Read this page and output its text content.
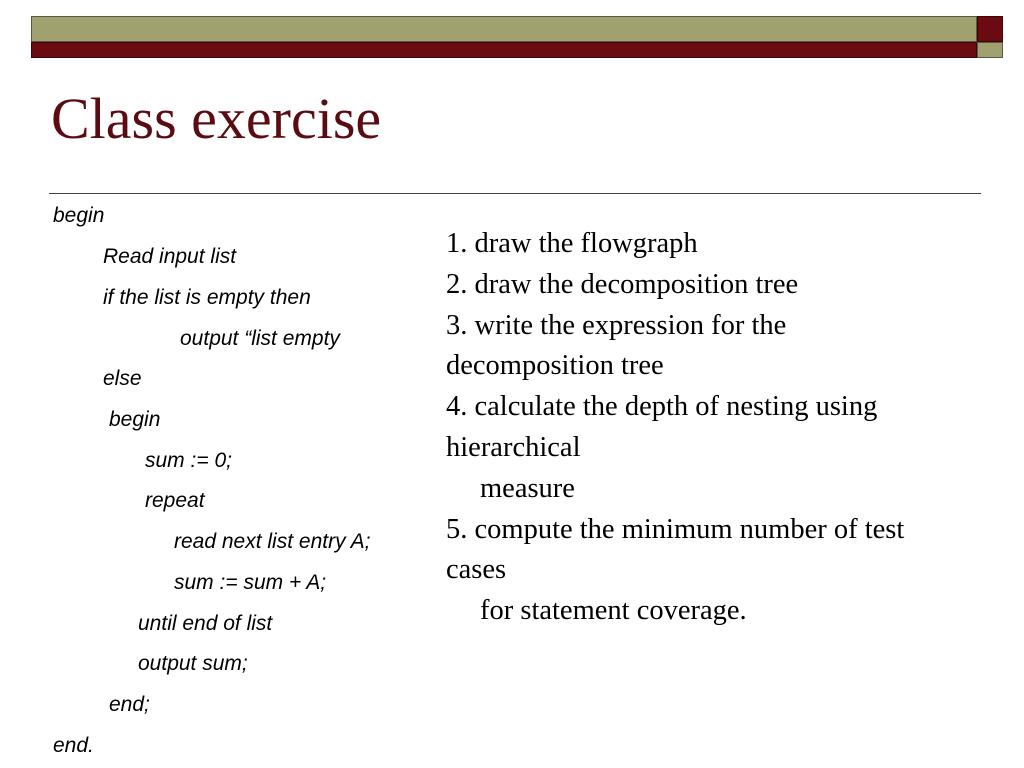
Class exercise

begin

Read input list

if the list is empty then

output “list empty

else

begin

sum := 0;

repeat

read next list entry A;

sum := sum + A;

until end of list

output sum;

end;

end.

1. draw the flowgraph
2. draw the decomposition tree
3. write the expression for the
decomposition tree
4. calculate the depth of nesting using
hierarchical
measure
5. compute the minimum number of test
cases
for statement coverage.
